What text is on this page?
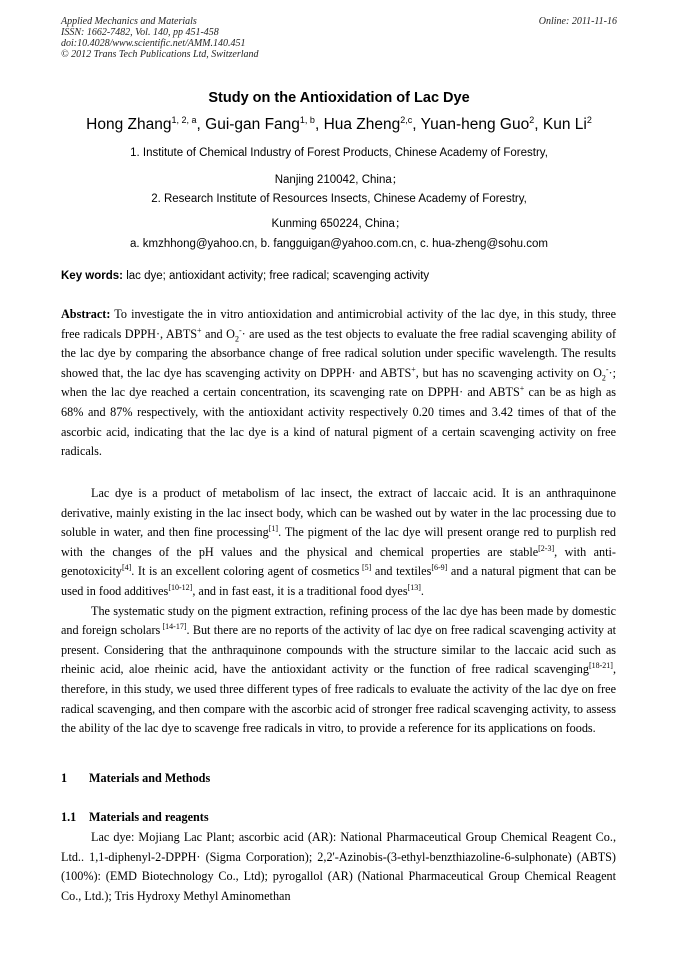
Applied Mechanics and Materials
ISSN: 1662-7482, Vol. 140, pp 451-458
doi:10.4028/www.scientific.net/AMM.140.451
© 2012 Trans Tech Publications Ltd, Switzerland
Online: 2011-11-16
Study on the Antioxidation of Lac Dye
Hong Zhang$^{1, 2, a}$, Gui-gan Fang$^{1, b}$, Hua Zheng$^{2,c}$, Yuan-heng Guo$^2$, Kun Li$^2$
1. Institute of Chemical Industry of Forest Products, Chinese Academy of Forestry,
Nanjing 210042, China；
2. Research Institute of Resources Insects, Chinese Academy of Forestry,
Kunming 650224, China；
a. kmzhhong@yahoo.cn, b. fangguigan@yahoo.com.cn, c. hua-zheng@sohu.com
Key words: lac dye; antioxidant activity; free radical; scavenging activity

Abstract: To investigate the in vitro antioxidation and antimicrobial activity of the lac dye, in this study, three free radicals DPPH·, ABTS+ and $O_2^-\cdot$ are used as the test objects to evaluate the free radial scavenging ability of the lac dye by comparing the absorbance change of free radical solution under specific wavelength. The results showed that, the lac dye has scavenging activity on DPPH· and ABTS+, but has no scavenging activity on $O_2^-\cdot$; when the lac dye reached a certain concentration, its scavenging rate on DPPH· and ABTS+ can be as high as 68% and 87% respectively, with the antioxidant activity respectively 0.20 times and 3.42 times of that of the ascorbic acid, indicating that the lac dye is a kind of natural pigment of a certain scavenging activity on free radicals.

Lac dye is a product of metabolism of lac insect, the extract of laccaic acid. It is an anthraquinone derivative, mainly existing in the lac insect body, which can be washed out by water in the lac processing due to soluble in water, and then fine processing[1]. The pigment of the lac dye will present orange red to purplish red with the changes of the pH values and the physical and chemical properties are stable[2-3], with anti-genotoxicity[4]. It is an excellent coloring agent of cosmetics [5] and textiles[6-9] and a natural pigment that can be used in food additives[10-12], and in fast east, it is a traditional food dyes[13].

The systematic study on the pigment extraction, refining process of the lac dye has been made by domestic and foreign scholars [14-17]. But there are no reports of the activity of lac dye on free radical scavenging activity at present. Considering that the anthraquinone compounds with the structure similar to the laccaic acid such as rheinic acid, aloe rheinic acid, have the antioxidant activity or the function of free radical scavenging[18-21], therefore, in this study, we used three different types of free radicals to evaluate the activity of the lac dye on free radical scavenging, and then compare with the ascorbic acid of stronger free radical scavenging activity, to assess the ability of the lac dye to scavenge free radicals in vitro, to provide a reference for its applications on foods.

1 Materials and Methods
1.1 Materials and reagents

Lac dye: Mojiang Lac Plant; ascorbic acid (AR): National Pharmaceutical Group Chemical Reagent Co., Ltd.. 1,1-diphenyl-2-DPPH· (Sigma Corporation); 2,2'-Azinobis-(3-ethyl-benzthiazoline-6-sulphonate) (ABTS) (100%): (EMD Biotechnology Co., Ltd); pyrogallol (AR) (National Pharmaceutical Group Chemical Reagent Co., Ltd.); Tris Hydroxy Methyl Aminomethan
